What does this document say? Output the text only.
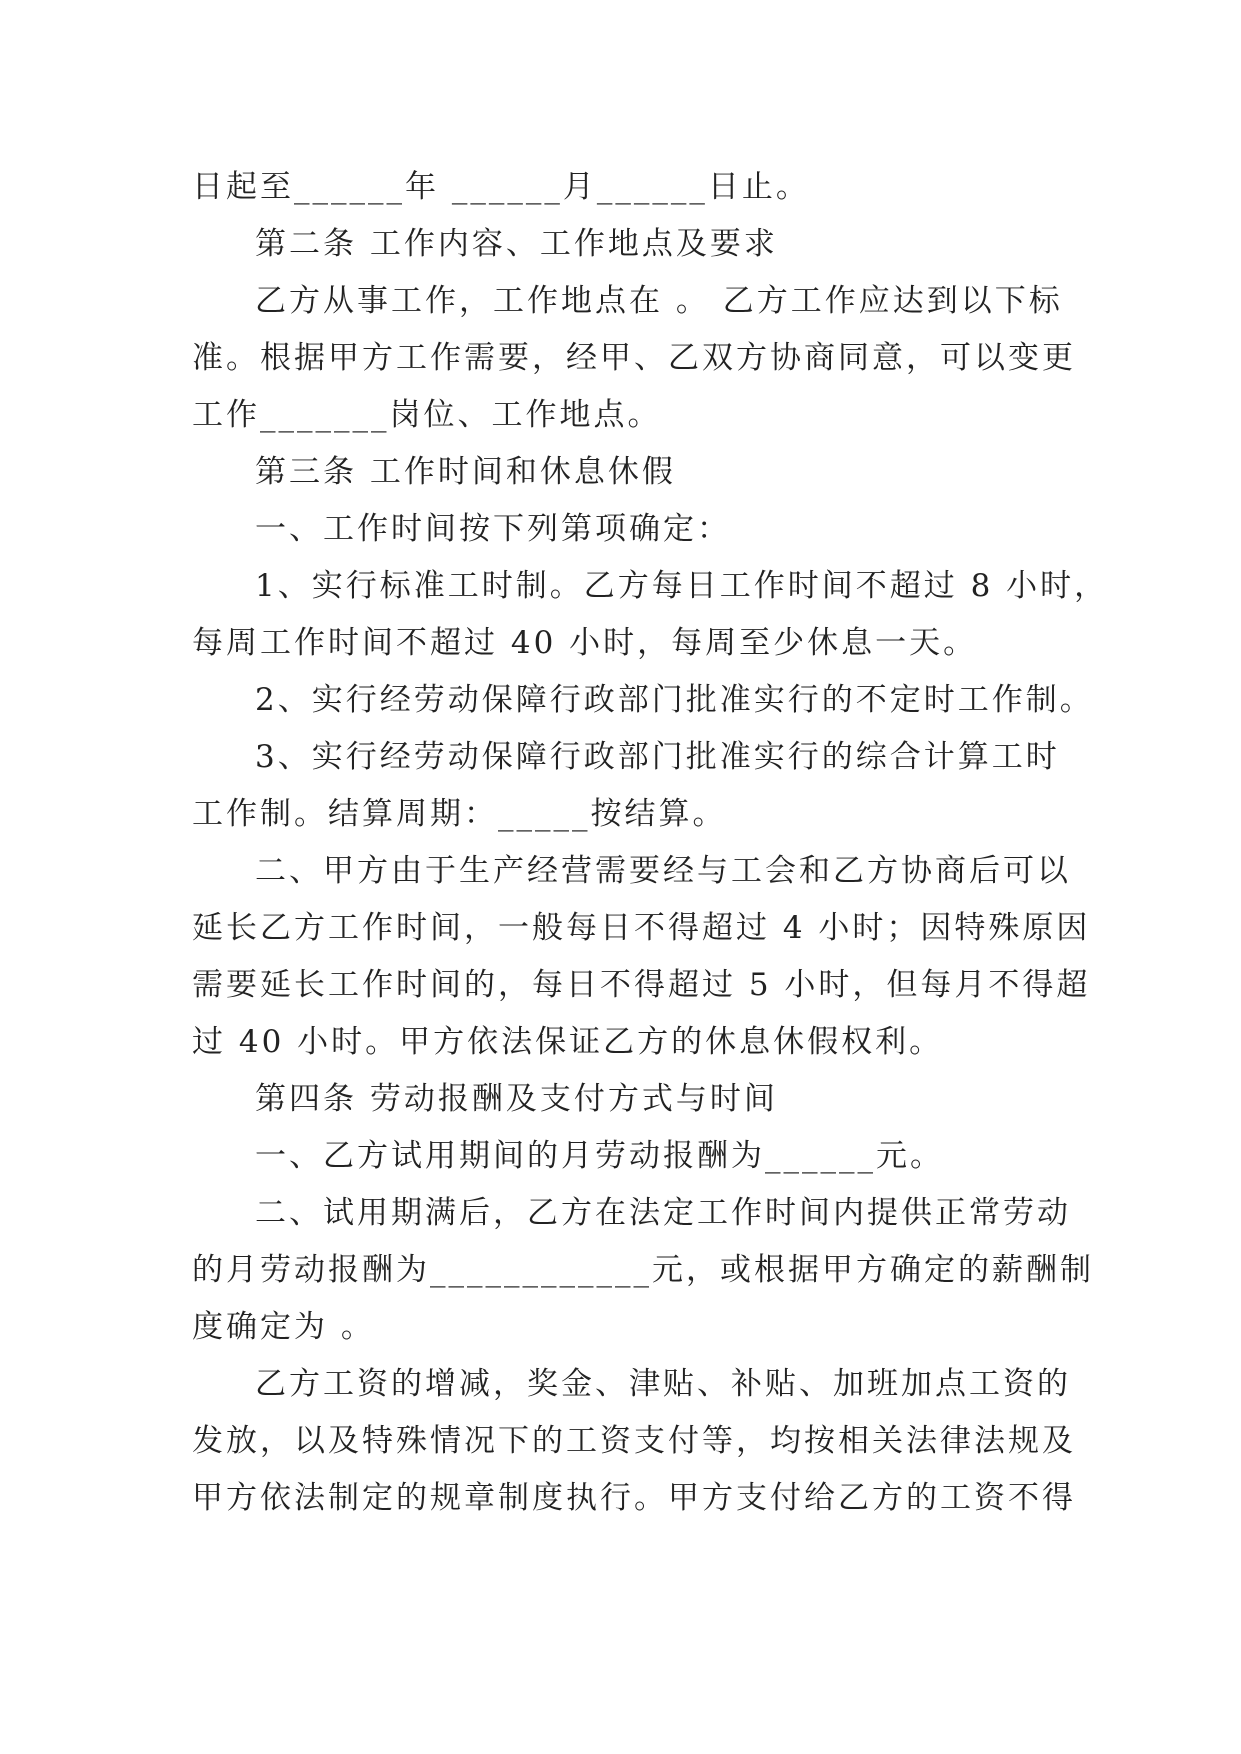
日起至______年 ______月______日止。
第二条 工作内容、工作地点及要求
乙方从事工作，工作地点在 。 乙方工作应达到以下标
准。根据甲方工作需要，经甲、乙双方协商同意，可以变更
工作_______岗位、工作地点。
第三条 工作时间和休息休假
一、工作时间按下列第项确定：
1、实行标准工时制。乙方每日工作时间不超过 8 小时，
每周工作时间不超过 40 小时，每周至少休息一天。
2、实行经劳动保障行政部门批准实行的不定时工作制。
3、实行经劳动保障行政部门批准实行的综合计算工时
工作制。结算周期：_____按结算。
二、甲方由于生产经营需要经与工会和乙方协商后可以
延长乙方工作时间，一般每日不得超过 4 小时；因特殊原因
需要延长工作时间的，每日不得超过 5 小时，但每月不得超
过 40 小时。甲方依法保证乙方的休息休假权利。
第四条 劳动报酬及支付方式与时间
一、乙方试用期间的月劳动报酬为______元。
二、试用期满后，乙方在法定工作时间内提供正常劳动
的月劳动报酬为____________元，或根据甲方确定的薪酬制
度确定为 。
乙方工资的增减，奖金、津贴、补贴、加班加点工资的
发放，以及特殊情况下的工资支付等，均按相关法律法规及
甲方依法制定的规章制度执行。甲方支付给乙方的工资不得
